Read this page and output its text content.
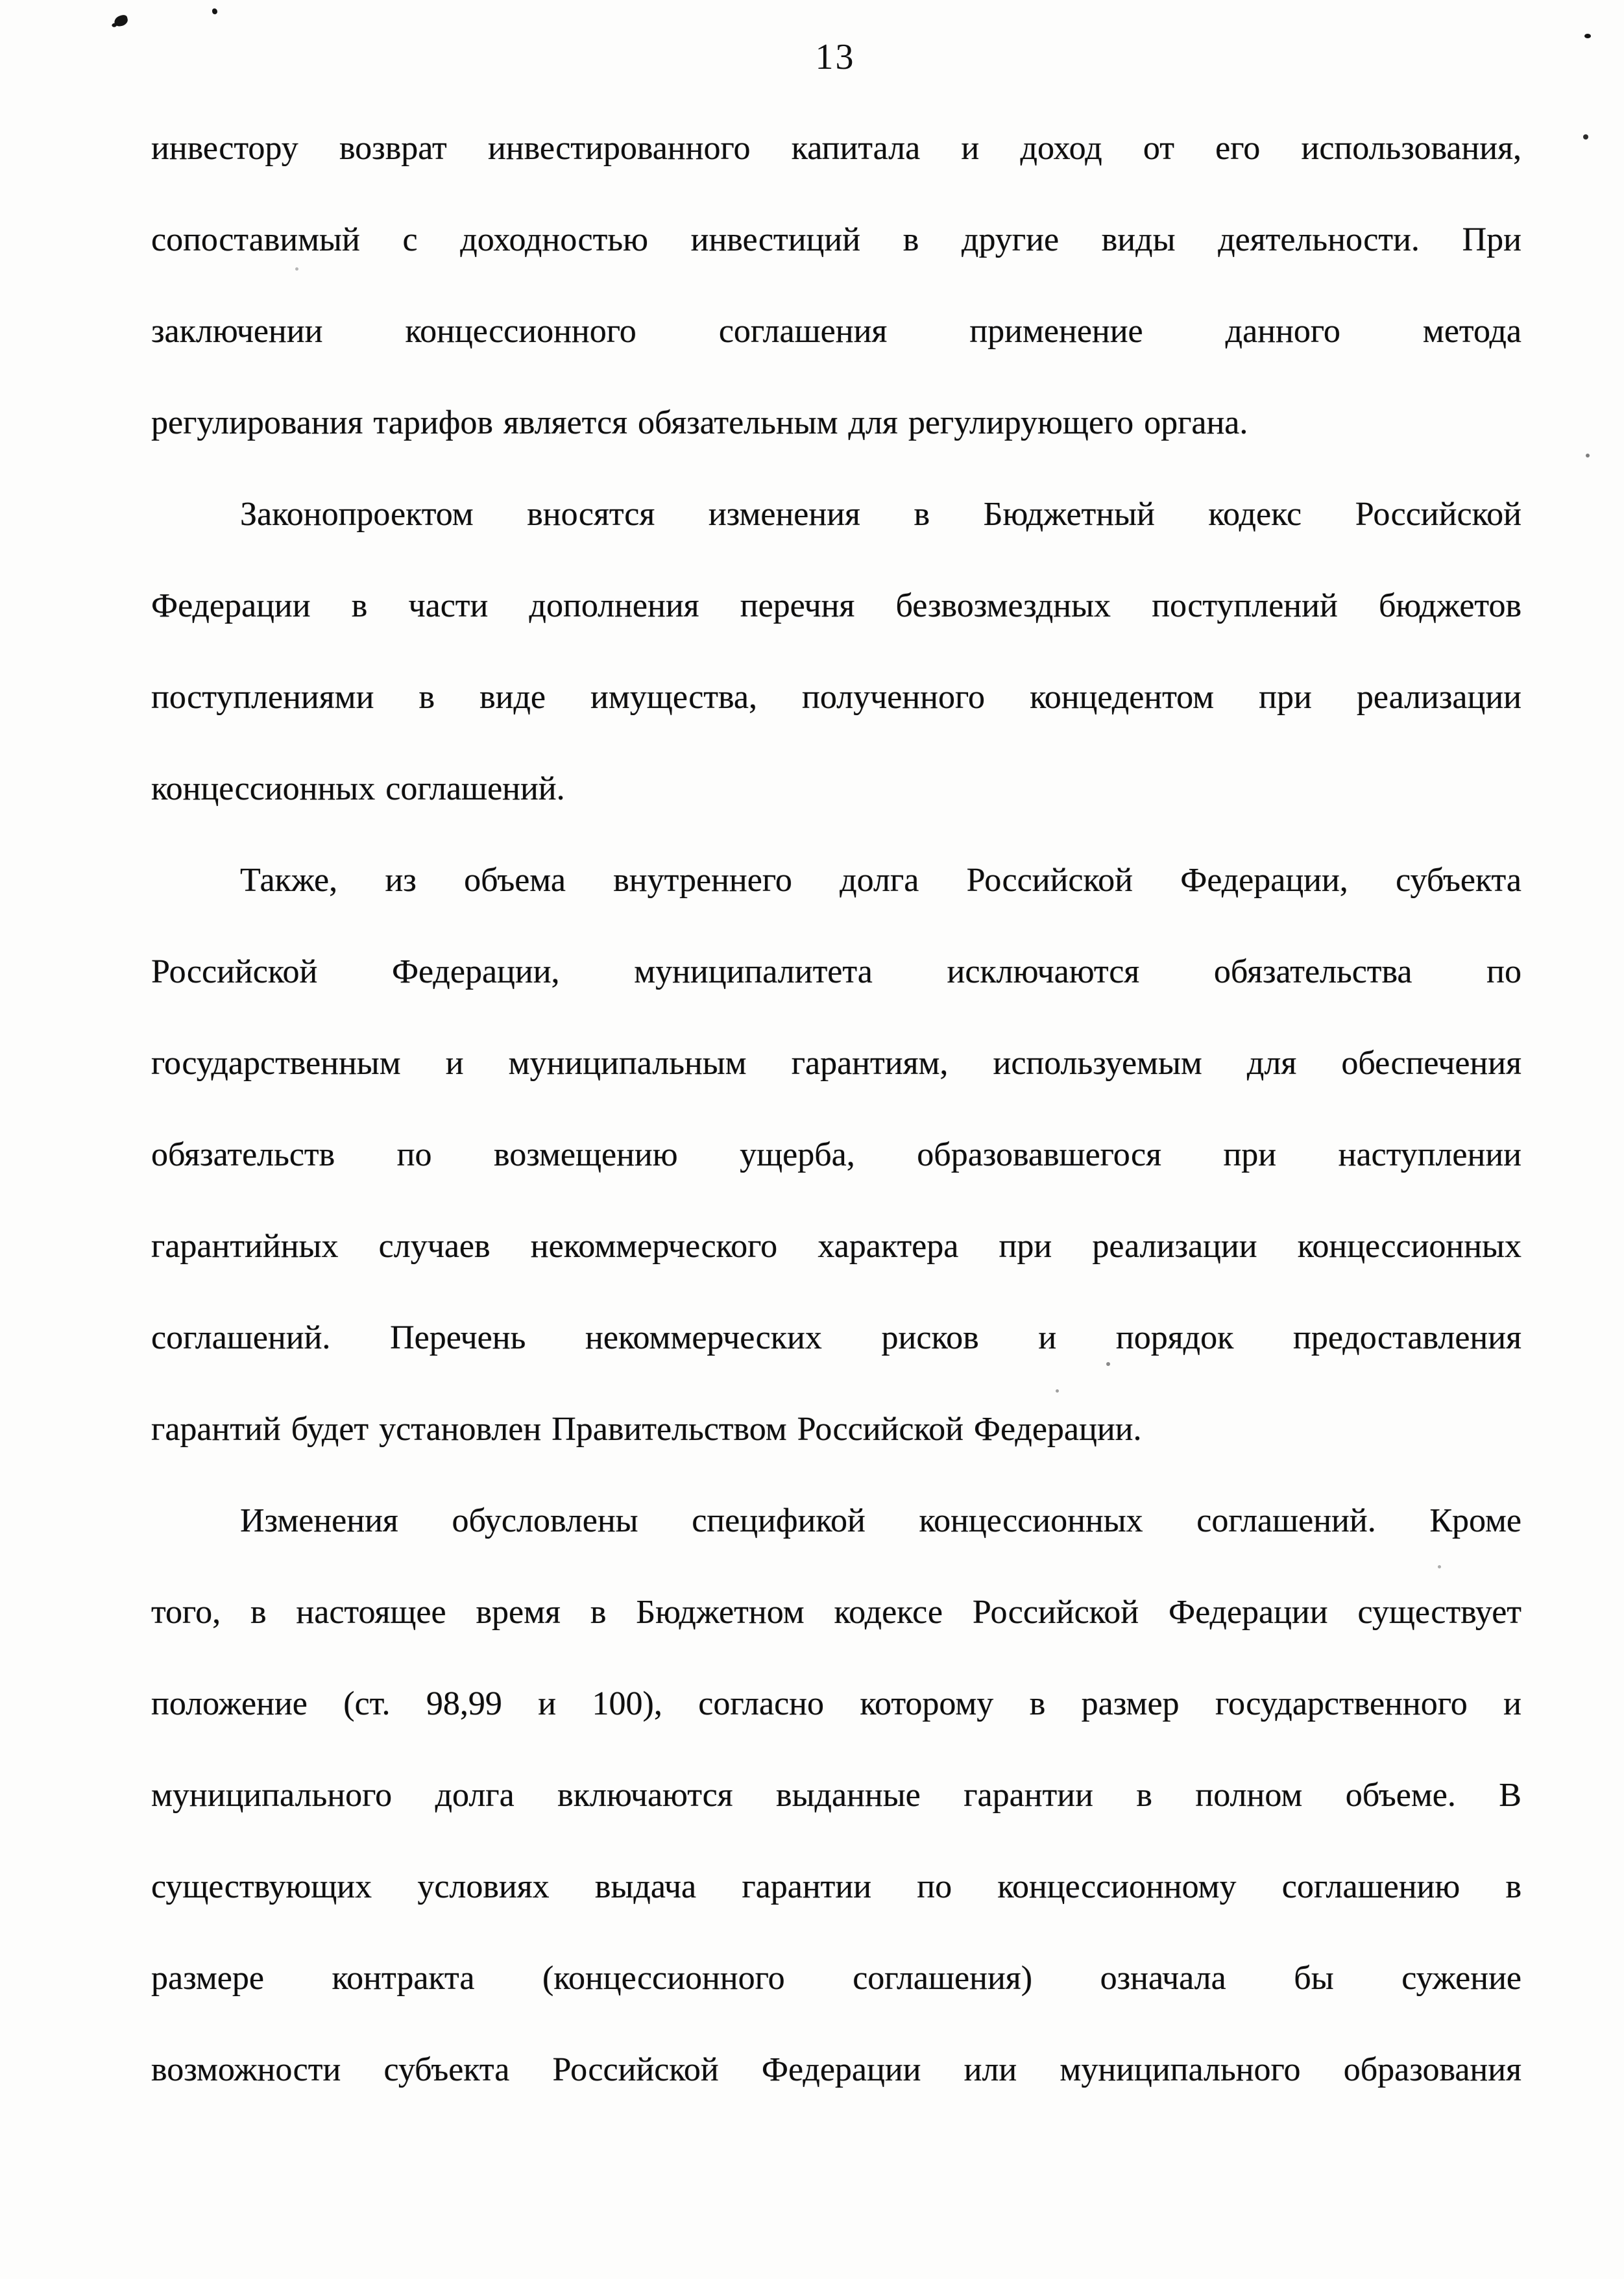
13
инвестору возврат инвестированного капитала и доход от его использования,
сопоставимый с доходностью инвестиций в другие виды деятельности. При
заключении концессионного соглашения применение данного метода
регулирования тарифов является обязательным для регулирующего органа.
Законопроектом вносятся изменения в Бюджетный кодекс Российской
Федерации в части дополнения перечня безвозмездных поступлений бюджетов
поступлениями в виде имущества, полученного концедентом при реализации
концессионных соглашений.
Также, из объема внутреннего долга Российской Федерации, субъекта
Российской Федерации, муниципалитета исключаются обязательства по
государственным и муниципальным гарантиям, используемым для обеспечения
обязательств по возмещению ущерба, образовавшегося при наступлении
гарантийных случаев некоммерческого характера при реализации концессионных
соглашений. Перечень некоммерческих рисков и порядок предоставления
гарантий будет установлен Правительством Российской Федерации.
Изменения обусловлены спецификой концессионных соглашений. Кроме
того, в настоящее время в Бюджетном кодексе Российской Федерации существует
положение (ст. 98,99 и 100), согласно которому в размер государственного и
муниципального долга включаются выданные гарантии в полном объеме. В
существующих условиях выдача гарантии по концессионному соглашению в
размере контракта (концессионного соглашения) означала бы сужение
возможности субъекта Российской Федерации или муниципального образования
